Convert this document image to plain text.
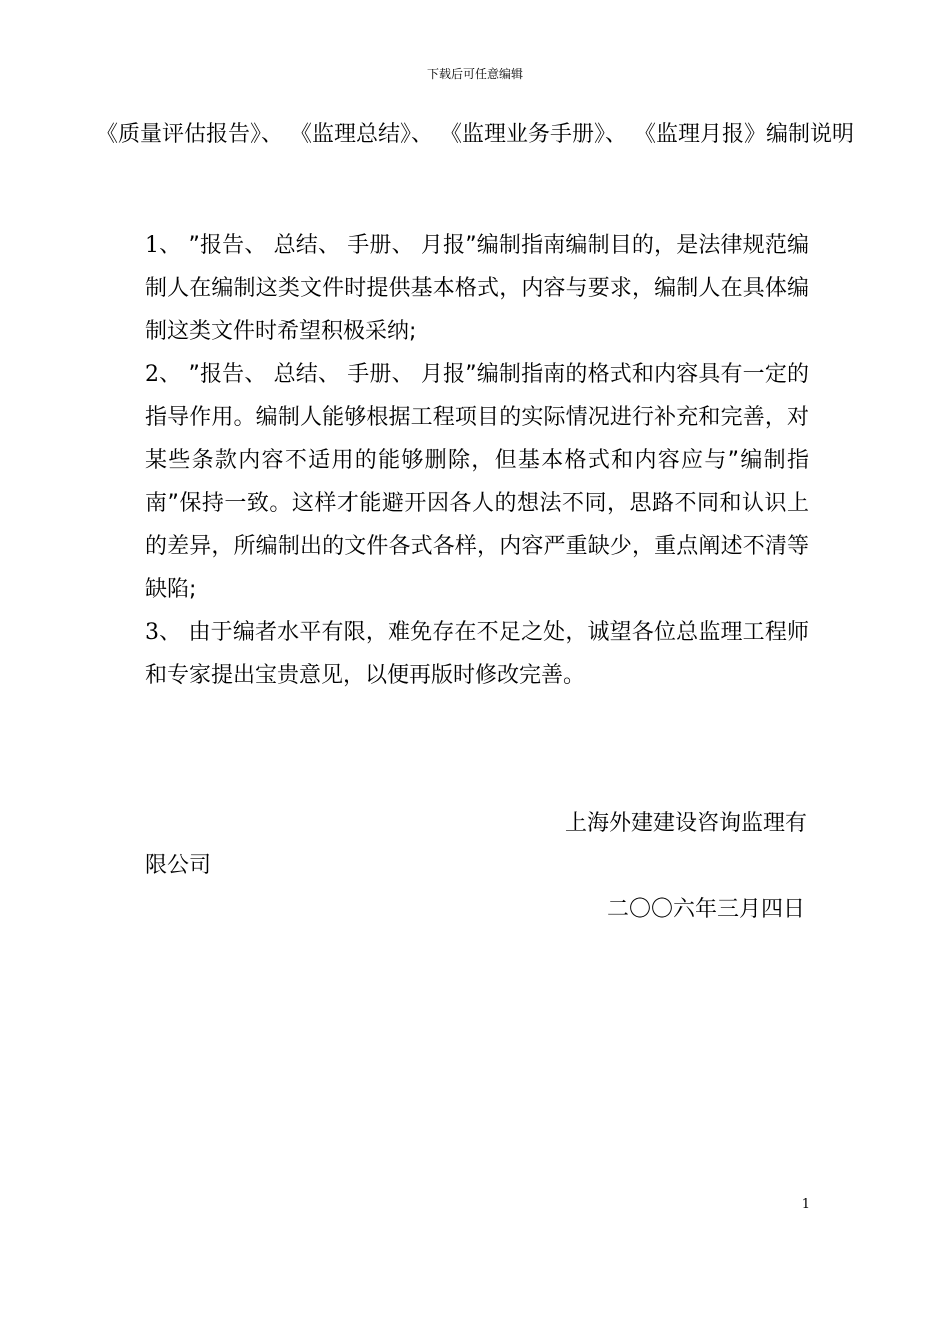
下载后可任意编辑
《质量评估报告》、 《监理总结》、 《监理业务手册》、 《监理月报》编制说明

1、 ”报告、 总结、 手册、 月报”编制指南编制目的，是法律规范编制人在编制这类文件时提供基本格式，内容与要求，编制人在具体编制这类文件时希望积极采纳;

2、 ”报告、 总结、 手册、 月报”编制指南的格式和内容具有一定的指导作用。编制人能够根据工程项目的实际情况进行补充和完善，对某些条款内容不适用的能够删除，但基本格式和内容应与”编制指南”保持一致。这样才能避开因各人的想法不同，思路不同和认识上的差异，所编制出的文件各式各样，内容严重缺少，重点阐述不清等缺陷;

3、 由于编者水平有限，难免存在不足之处，诚望各位总监理工程师和专家提出宝贵意见，以便再版时修改完善。

上海外建建设咨询监理有
限公司
二〇〇六年三月四日
1
